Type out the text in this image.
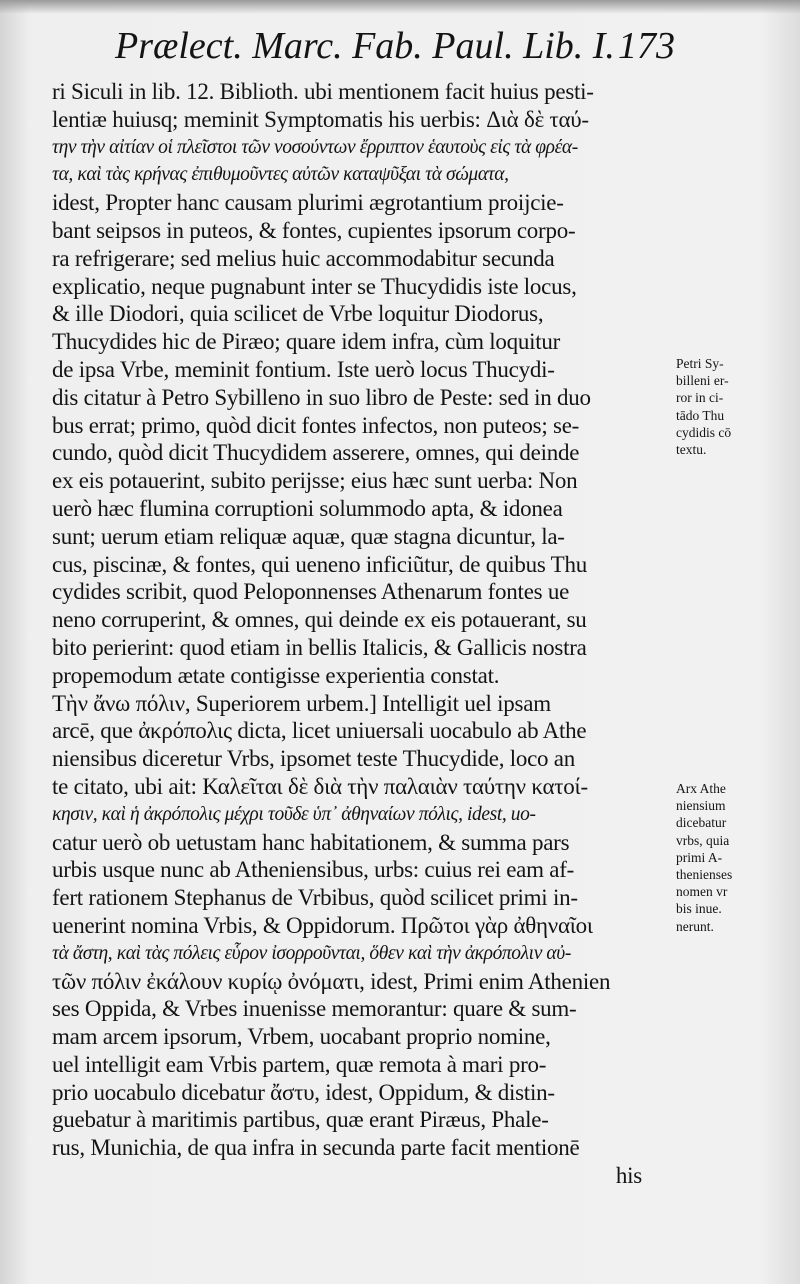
Prælect. Marc. Fab. Paul. Lib. I. 173
ri Siculi in lib. 12. Biblioth. ubi mentionem facit huius pesti-
lentiæ huiusq; meminit Symptomatis his uerbis: Διὰ δὲ ταύ-
την τὴν αἰτίαν οἱ πλεῖστοι τῶν νοσούντων ἔρριπτον ἑαυτοὺς εἰς τὰ φρέα-
τα, καὶ τὰς κρήνας ἐπιθυμοῦντες αὐτῶν καταψῦξαι τὰ σώματα,
idest, Propter hanc causam plurimi ægrotantium proijcie-
bant seipsos in puteos, & fontes, cupientes ipsorum corpo-
ra refrigerare; sed melius huic accommodabitur secunda
explicatio, neque pugnabunt inter se Thucydidis iste locus,
& ille Diodori, quia scilicet de Vrbe loquitur Diodorus,
Thucydides hic de Piræo; quare idem infra, cùm loquitur
de ipsa Vrbe, meminit fontium. Iste uerò locus Thucydi-
dis citatur à Petro Sybilleno in suo libro de Peste: sed in duo
bus errat; primo, quòd dicit fontes infectos, non puteos; se-
cundo, quòd dicit Thucydidem asserere, omnes, qui deinde
ex eis potauerint, subito perijsse; eius hæc sunt uerba: Non
uerò hæc flumina corruptioni solummodo apta, & idonea
sunt; uerum etiam reliquæ aquæ, quæ stagna dicuntur, la-
cus, piscinæ, & fontes, qui ueneno inficiũtur, de quibus Thu
cydides scribit, quod Peloponnenses Athenarum fontes ue
neno corruperint, & omnes, qui deinde ex eis potauerant, su
bito perierint: quod etiam in bellis Italicis, & Gallicis nostra
propemodum ætate contigisse experientia constat.
Τὴν ἄνω πόλιν, Superiorem urbem.] Intelligit uel ipsam
arcē, que ἀκρόπολις dicta, licet uniuersali uocabulo ab Athe
niensibus diceretur Vrbs, ipsomet teste Thucydide, loco an
te citato, ubi ait: Καλεῖται δὲ διὰ τὴν παλαιὰν ταύτην κατοί-
κησιν, καὶ ἡ ἀκρόπολις μέχρι τοῦδε ὑπ᾽ ἀθηναίων πόλις, idest, uo-
catur uerò ob uetustam hanc habitationem, & summa pars
urbis usque nunc ab Atheniensibus, urbs: cuius rei eam af-
fert rationem Stephanus de Vrbibus, quòd scilicet primi in-
uenerint nomina Vrbis, & Oppidorum. Πρῶτοι γὰρ ἀθηναῖοι
τὰ ἄστη, καὶ τὰς πόλεις εὗρον ἰσορροῦνται, ὅθεν καὶ τὴν ἀκρόπολιν αὐ-
τῶν πόλιν ἐκάλουν κυρίῳ ὀνόματι, idest, Primi enim Athenien
ses Oppida, & Vrbes inuenisse memorantur: quare & sum-
mam arcem ipsorum, Vrbem, uocabant proprio nomine,
uel intelligit eam Vrbis partem, quæ remota à mari pro-
prio uocabulo dicebatur ἄστυ, idest, Oppidum, & distin-
guebatur à maritimis partibus, quæ erant Piræus, Phale-
rus, Munichia, de qua infra in secunda parte facit mentionē
his
Petri Sy-
billeni er-
ror in ci-
tādo Thu
cydidis cō
textu.
Arx Athe
niensium
dicebatur
vrbs, quia
primi A-
thenienses
nomen vr
bis inue.
nerunt.
